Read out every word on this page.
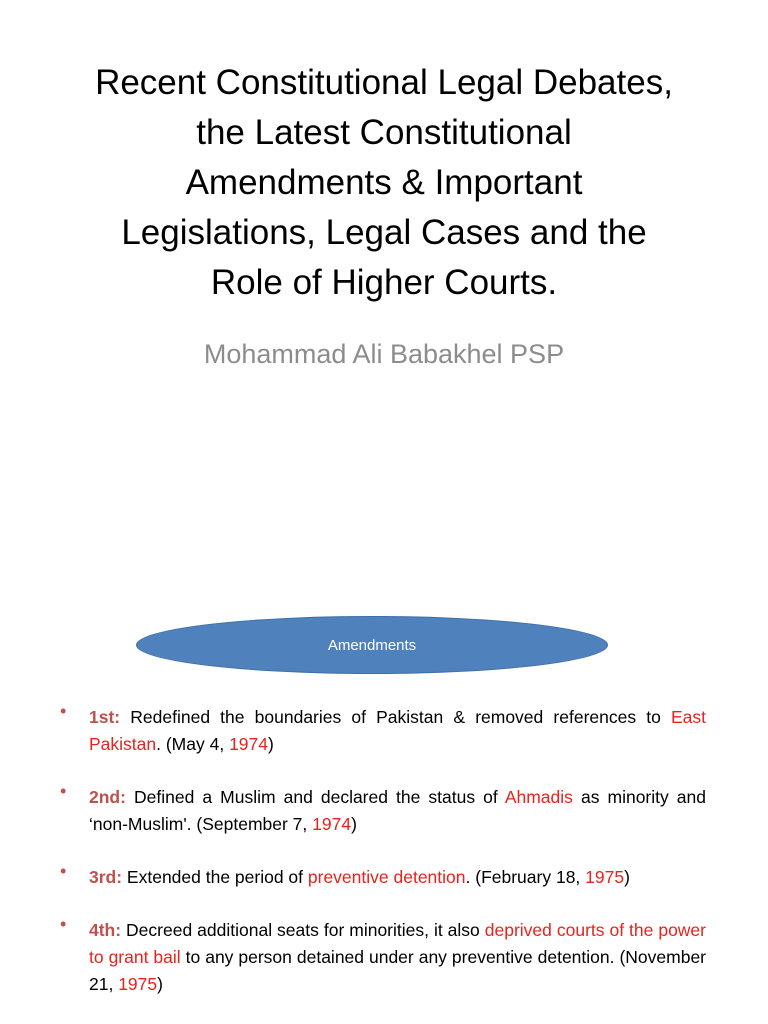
Recent Constitutional Legal Debates,
the Latest Constitutional
Amendments & Important
Legislations, Legal Cases and the
Role of Higher Courts.
Mohammad Ali Babakhel PSP
Amendments
• 1st: Redefined the boundaries of Pakistan & removed references to East Pakistan. (May 4, 1974)

• 2nd: Defined a Muslim and declared the status of Ahmadis as minority and ‘non-Muslim'. (September 7, 1974)

• 3rd: Extended the period of preventive detention. (February 18, 1975)

• 4th: Decreed additional seats for minorities, it also deprived courts of the power to grant bail to any person detained under any preventive detention. (November 21, 1975)
